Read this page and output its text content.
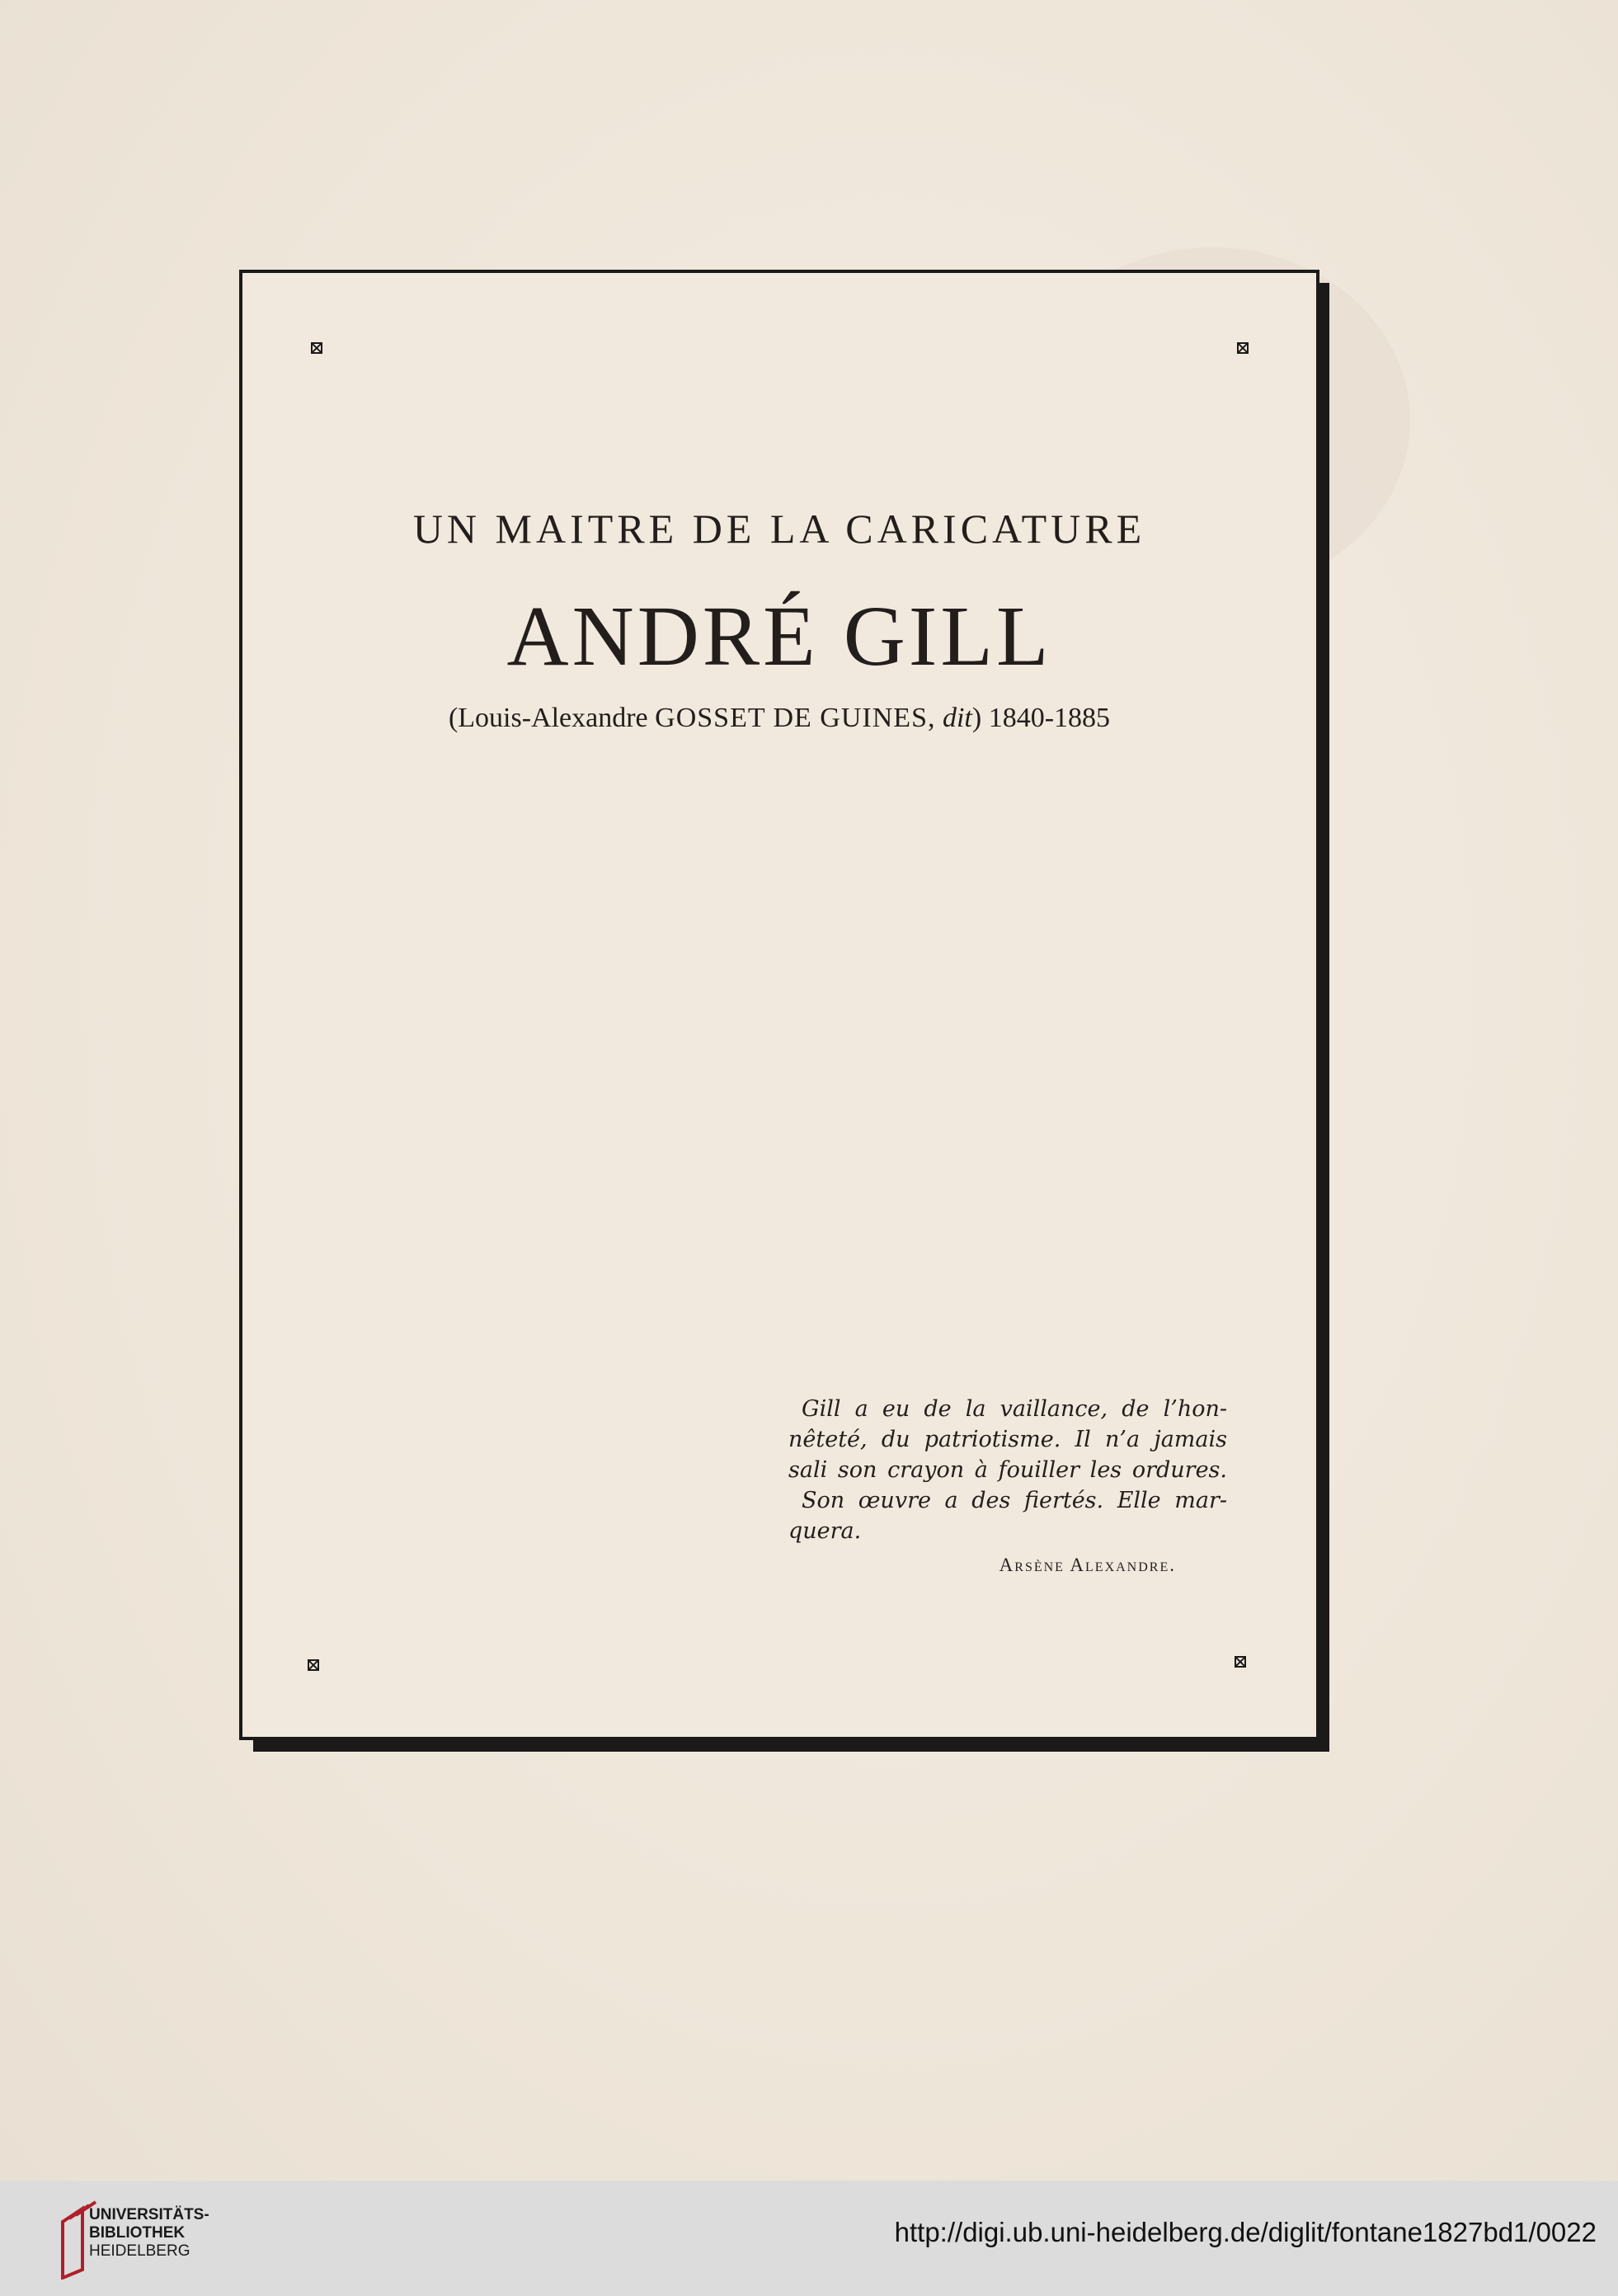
UN MAITRE DE LA CARICATURE
ANDRÉ GILL
(Louis-Alexandre GOSSET DE GUINES, dit) 1840-1885
Gill a eu de la vaillance, de l’hon-
nêteté, du patriotisme. Il n’a jamais
sali son crayon à fouiller les ordures.
Son œuvre a des fiertés. Elle mar-
quera.
Arsène Alexandre.
UNIVERSITÄTS-
BIBLIOTHEK
HEIDELBERG
http://digi.ub.uni-heidelberg.de/diglit/fontane1827bd1/0022
